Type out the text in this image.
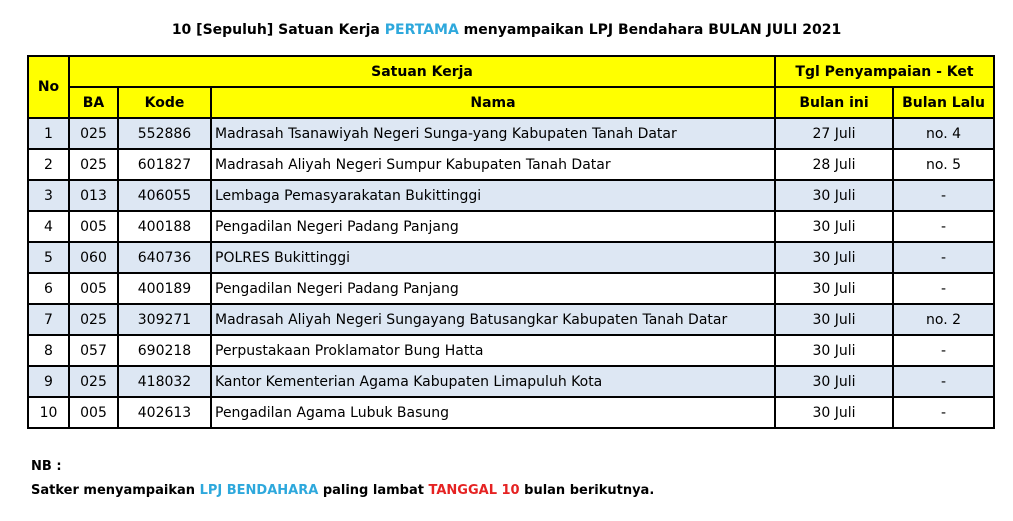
10 [Sepuluh] Satuan Kerja PERTAMA menyampaikan LPJ Bendahara BULAN JULI 2021
No	Satuan Kerja			Tgl Penyampaian - Ket	
	BA	Kode	Nama	Bulan ini	Bulan Lalu
1	025	552886	Madrasah Tsanawiyah Negeri Sunga-yang Kabupaten Tanah Datar	27 Juli	no. 4
2	025	601827	Madrasah Aliyah Negeri Sumpur Kabupaten Tanah Datar	28 Juli	no. 5
3	013	406055	Lembaga Pemasyarakatan Bukittinggi	30 Juli	-
4	005	400188	Pengadilan Negeri Padang Panjang	30 Juli	-
5	060	640736	POLRES Bukittinggi	30 Juli	-
6	005	400189	Pengadilan Negeri Padang Panjang	30 Juli	-
7	025	309271	Madrasah Aliyah Negeri Sungayang Batusangkar Kabupaten Tanah Datar	30 Juli	no. 2
8	057	690218	Perpustakaan Proklamator Bung Hatta	30 Juli	-
9	025	418032	Kantor Kementerian Agama Kabupaten Limapuluh Kota	30 Juli	-
10	005	402613	Pengadilan Agama Lubuk Basung	30 Juli	-
NB :
Satker menyampaikan LPJ BENDAHARA paling lambat TANGGAL 10 bulan berikutnya.
